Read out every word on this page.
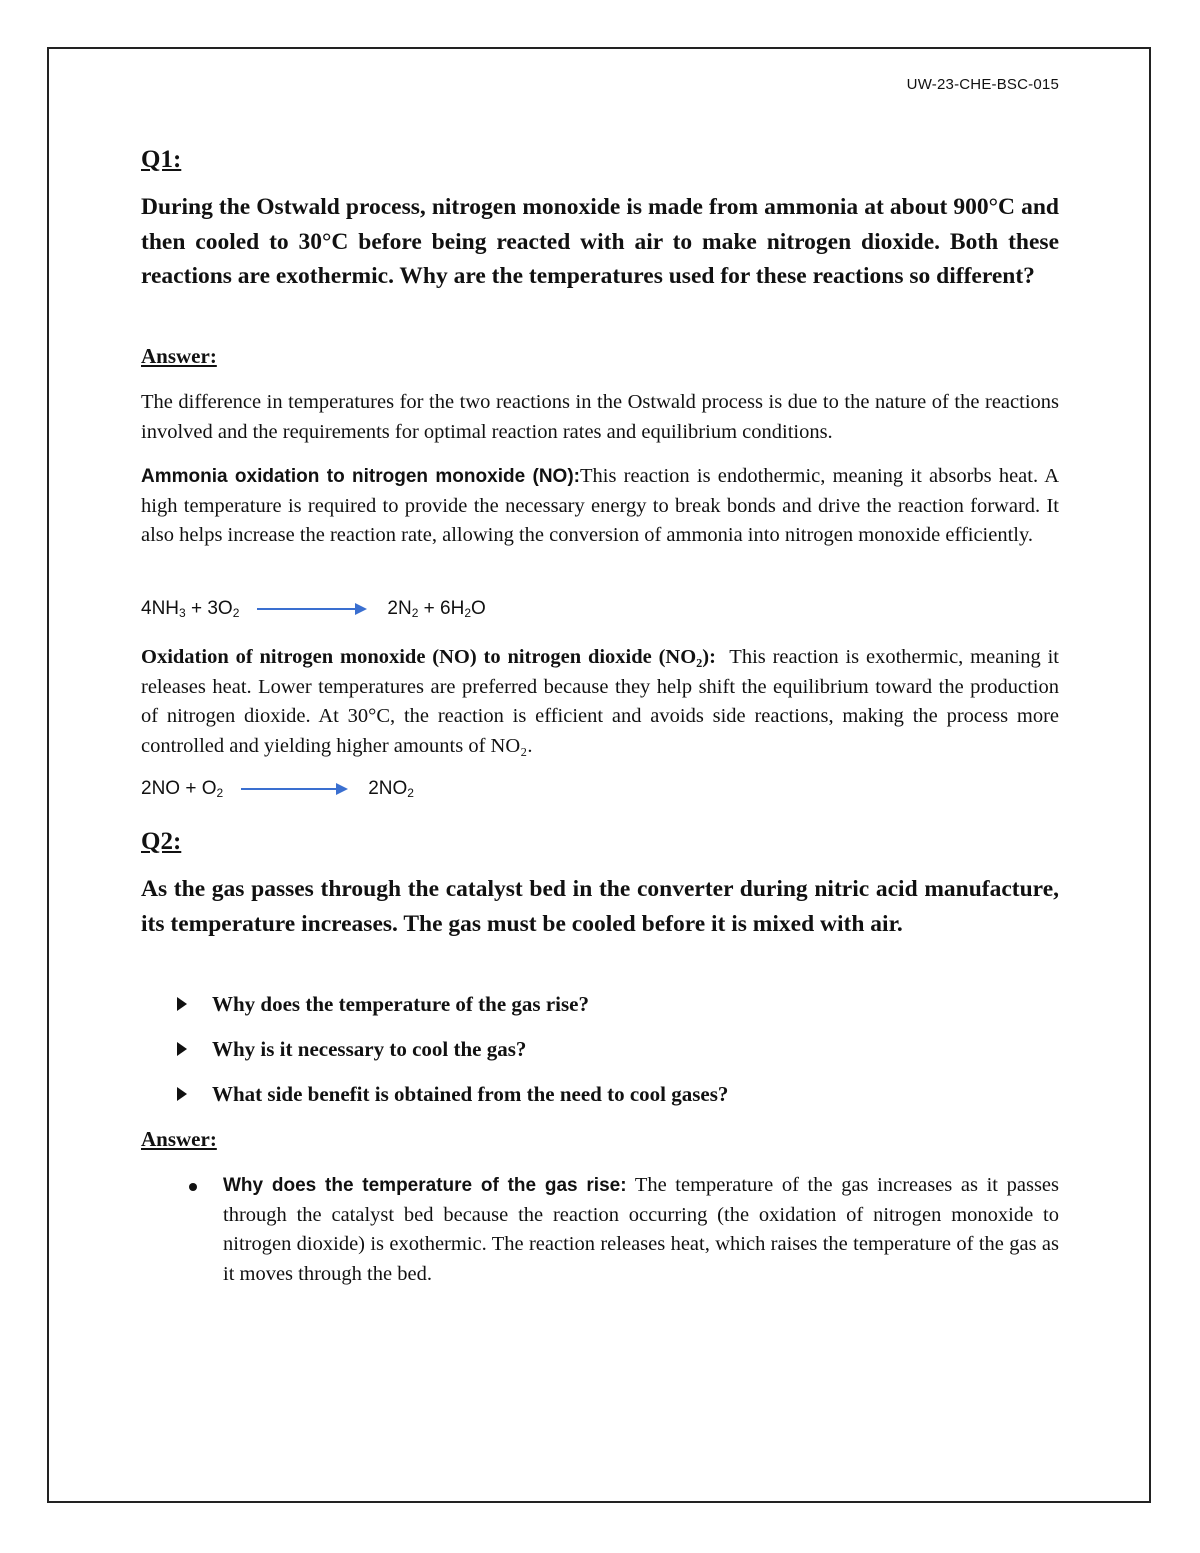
UW-23-CHE-BSC-015
Q1:
During the Ostwald process, nitrogen monoxide is made from ammonia at about 900°C and then cooled to 30°C before being reacted with air to make nitrogen dioxide. Both these reactions are exothermic. Why are the temperatures used for these reactions so different?
Answer:
The difference in temperatures for the two reactions in the Ostwald process is due to the nature of the reactions involved and the requirements for optimal reaction rates and equilibrium conditions.
Ammonia oxidation to nitrogen monoxide (NO):This reaction is endothermic, meaning it absorbs heat. A high temperature is required to provide the necessary energy to break bonds and drive the reaction forward. It also helps increase the reaction rate, allowing the conversion of ammonia into nitrogen monoxide efficiently.
$4NH_3 + 3O_2$	$2N_2 + 6H_2O$
Oxidation of nitrogen monoxide (NO) to nitrogen dioxide (NO₂): This reaction is exothermic, meaning it releases heat. Lower temperatures are preferred because they help shift the equilibrium toward the production of nitrogen dioxide. At 30°C, the reaction is efficient and avoids side reactions, making the process more controlled and yielding higher amounts of NO₂.
$2NO + O_2$	$2NO_2$
Q2:
As the gas passes through the catalyst bed in the converter during nitric acid manufacture, its temperature increases. The gas must be cooled before it is mixed with air.
Why does the temperature of the gas rise?
Why is it necessary to cool the gas?
What side benefit is obtained from the need to cool gases?
Answer:
Why does the temperature of the gas rise: The temperature of the gas increases as it passes through the catalyst bed because the reaction occurring (the oxidation of nitrogen monoxide to nitrogen dioxide) is exothermic. The reaction releases heat, which raises the temperature of the gas as it moves through the bed.
